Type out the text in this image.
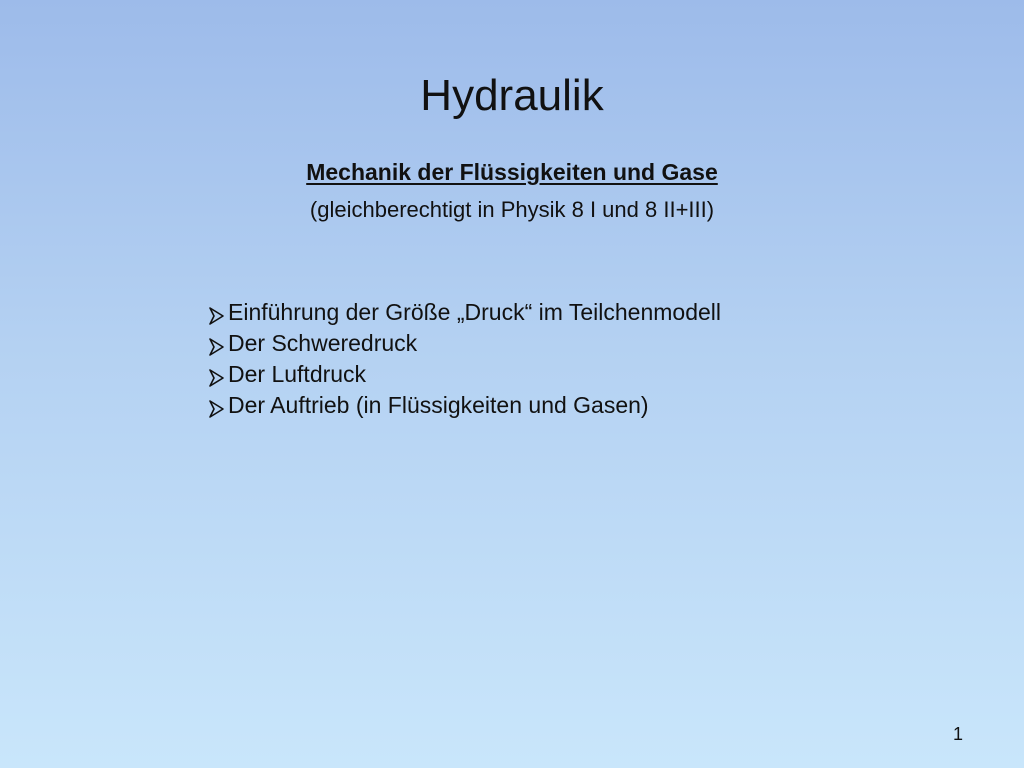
Hydraulik
Mechanik der Flüssigkeiten und Gase
(gleichberechtigt in Physik 8 I und 8 II+III)
Einführung der Größe „Druck“ im Teilchenmodell
Der Schweredruck
Der Luftdruck
Der Auftrieb (in Flüssigkeiten und Gasen)
1
